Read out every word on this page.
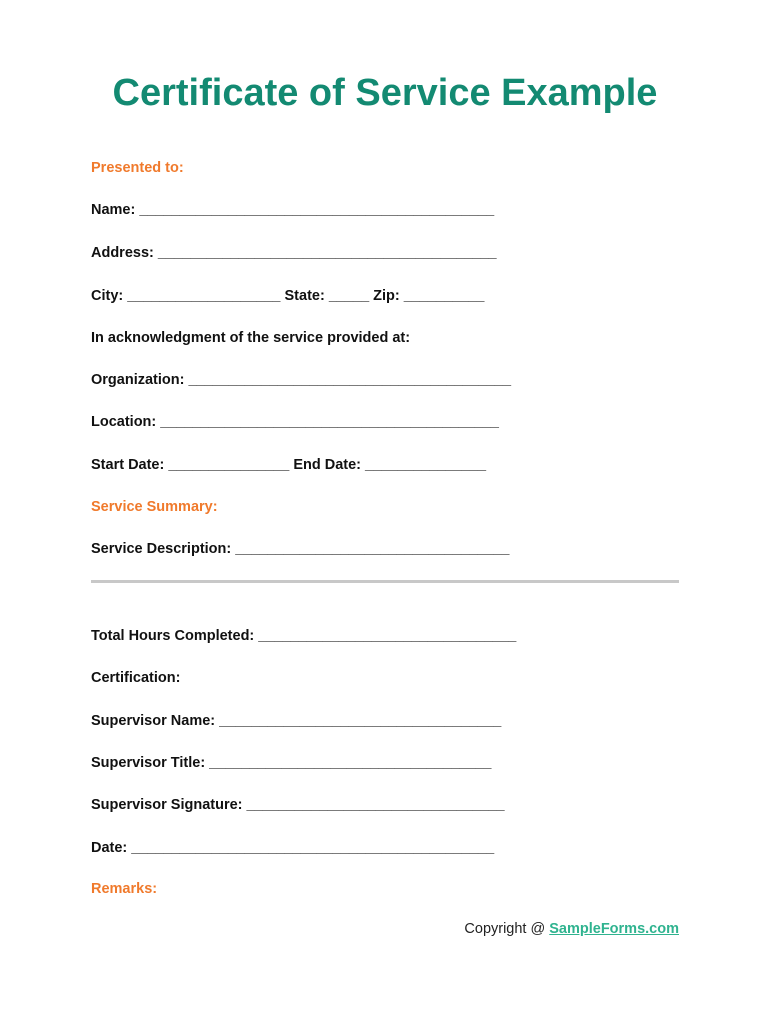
Certificate of Service Example

Presented to:

Name: ____________________________________________

Address: __________________________________________

City: ___________________ State: _____ Zip: __________

In acknowledgment of the service provided at:

Organization: ________________________________________

Location: __________________________________________

Start Date: _______________ End Date: _______________

Service Summary:

Service Description: __________________________________

Total Hours Completed: ________________________________

Certification:

Supervisor Name: ___________________________________

Supervisor Title: ___________________________________

Supervisor Signature: ________________________________

Date: _____________________________________________

Remarks:

Copyright @ SampleForms.com
